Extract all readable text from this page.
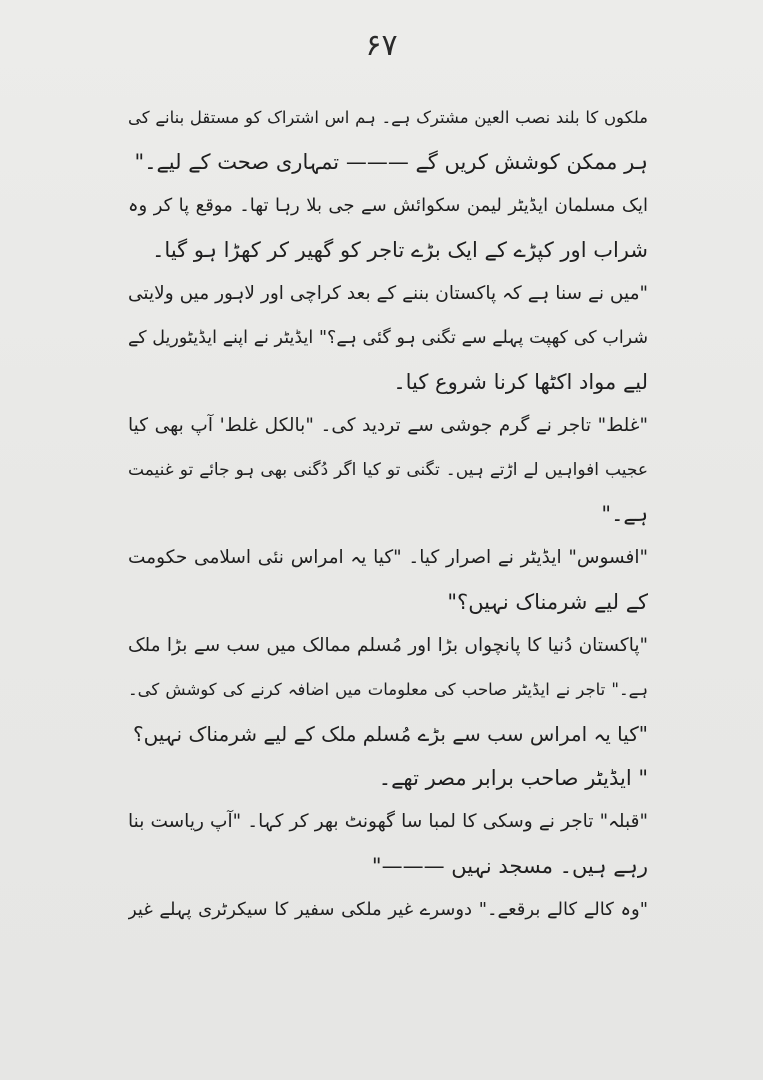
۶۷
ملکوں کا بلند نصب العین مشترک ہے۔ ہم اس اشتراک کو مستقل بنانے کی
ہر ممکن کوشش کریں گے ——— تمہاری صحت کے لیے۔"
ایک مسلمان ایڈیٹر لیمن سکوائش سے جی بلا رہا تھا۔ موقع پا کر وہ
شراب اور کپڑے کے ایک بڑے تاجر کو گھیر کر کھڑا ہو گیا۔
"میں نے سنا ہے کہ پاکستان بننے کے بعد کراچی اور لاہور میں ولایتی
شراب کی کھپت پہلے سے تگنی ہو گئی ہے؟" ایڈیٹر نے اپنے ایڈیٹوریل کے
لیے مواد اکٹھا کرنا شروع کیا۔
"غلط" تاجر نے گرم جوشی سے تردید کی۔ "بالکل غلط' آپ بھی کیا
عجیب افواہیں لے اڑتے ہیں۔ تگنی تو کیا اگر دُگنی بھی ہو جائے تو غنیمت
ہے۔"
"افسوس" ایڈیٹر نے اصرار کیا۔ "کیا یہ امراس نئی اسلامی حکومت
کے لیے شرمناک نہیں؟"
"پاکستان دُنیا کا پانچواں بڑا اور مُسلم ممالک میں سب سے بڑا ملک
ہے۔" تاجر نے ایڈیٹر صاحب کی معلومات میں اضافہ کرنے کی کوشش کی۔
"کیا یہ امراس سب سے بڑے مُسلم ملک کے لیے شرمناک نہیں؟
" ایڈیٹر صاحب برابر مصر تھے۔
"قبلہ" تاجر نے وسکی کا لمبا سا گھونٹ بھر کر کہا۔ "آپ ریاست بنا
رہے ہیں۔ مسجد نہیں ———"
"وہ کالے کالے برقعے۔" دوسرے غیر ملکی سفیر کا سیکرٹری پہلے غیر
